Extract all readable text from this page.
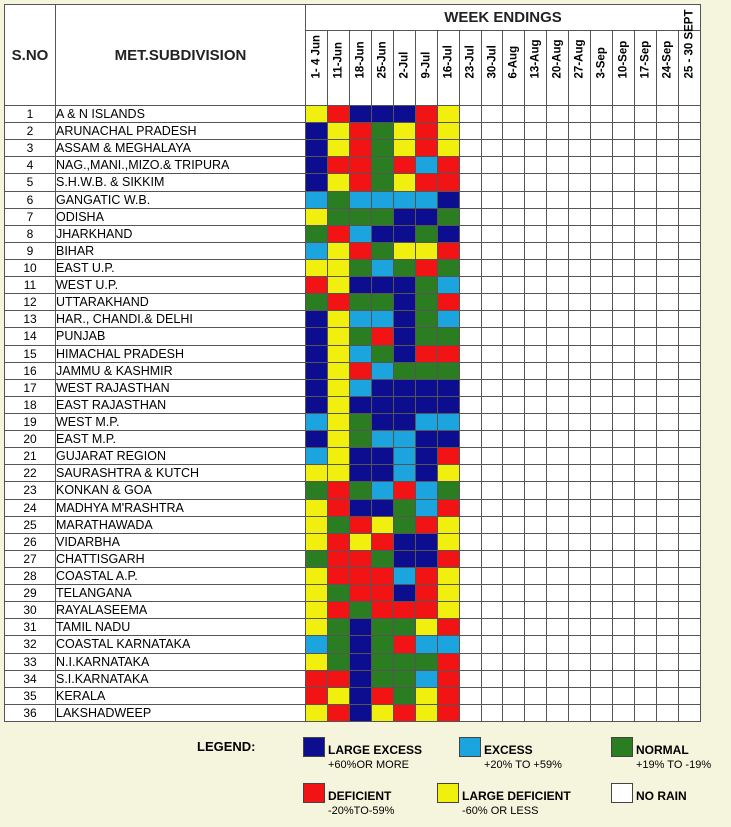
S.NO	MET.SUBDIVISION	WEEK ENDINGS																	

		1- 4 Jun	11-Jun	18-Jun	25-Jun	2-Jul	9-Jul	16-Jul	23-Jul	30-Jul	6-Aug	13-Aug	20-Aug	27-Aug	3-Sep	10-Sep	17-Sep	24-Sep	25 - 30 SEPT

1	A & N ISLANDS																		
2	ARUNACHAL PRADESH																		
3	ASSAM & MEGHALAYA																		
4	NAG.,MANI.,MIZO.& TRIPURA																		
5	S.H.W.B. & SIKKIM																		
6	GANGATIC W.B.																		
7	ODISHA																		
8	JHARKHAND																		
9	BIHAR																		
10	EAST U.P.																		
11	WEST U.P.																		
12	UTTARAKHAND																		
13	HAR., CHANDI.& DELHI																		
14	PUNJAB																		
15	HIMACHAL PRADESH																		
16	JAMMU & KASHMIR																		
17	WEST RAJASTHAN																		
18	EAST RAJASTHAN																		
19	WEST M.P.																		
20	EAST M.P.																		
21	GUJARAT REGION																		
22	SAURASHTRA & KUTCH																		
23	KONKAN & GOA																		
24	MADHYA M'RASHTRA																		
25	MARATHAWADA																		
26	VIDARBHA																		
27	CHATTISGARH																		
28	COASTAL A.P.																		
29	TELANGANA																		
30	RAYALASEEMA																		
31	TAMIL NADU																		
32	COASTAL KARNATAKA																		
33	N.I.KARNATAKA																		
34	S.I.KARNATAKA																		
35	KERALA																		
36	LAKSHADWEEP																		
LEGEND:	LARGE EXCESS
+60%OR MORE
EXCESS
+20% TO +59%
NORMAL
+19% TO -19%
DEFICIENT
-20%TO-59%
LARGE DEFICIENT
-60% OR LESS
NO RAIN
